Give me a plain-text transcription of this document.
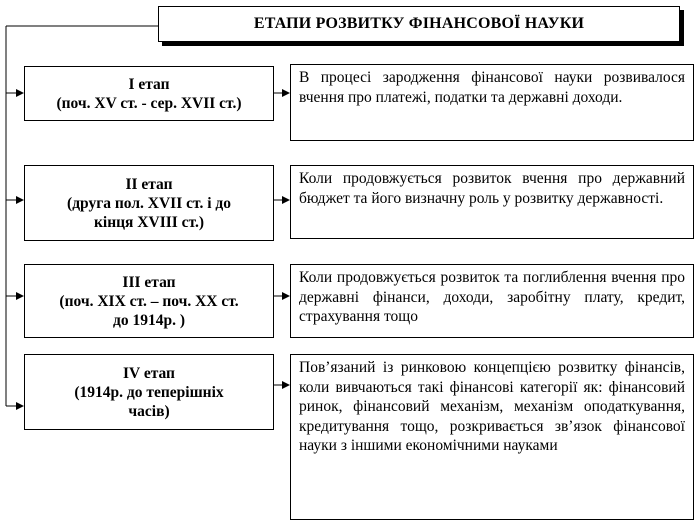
ЕТАПИ РОЗВИТКУ ФІНАНСОВОЇ НАУКИ
І етап
(поч. XV ст. - сер. XVII ст.)
В процесі зародження фінансової науки розвивалося вчення про платежі, податки та державні доходи.
ІІ етап
(друга пол. XVII ст. і до
кінця XVIII ст.)
Коли продовжується розвиток вчення про державний бюджет та його визначну роль у розвитку державності.
ІІІ етап
(поч. XIX ст. – поч. XX ст.
до 1914р. )
Коли продовжується розвиток та поглиблення вчення про державні фінанси, доходи, заробітну плату, кредит, страхування тощо
ІV етап
(1914р. до теперішніх
часів)
Пов’язаний із ринковою концепцією розвитку фінансів, коли вивчаються такі фінансові категорії як: фінансовий ринок, фінансовий механізм, механізм оподаткування, кредитування тощо, розкривається зв’язок фінансової науки з іншими економічними науками
